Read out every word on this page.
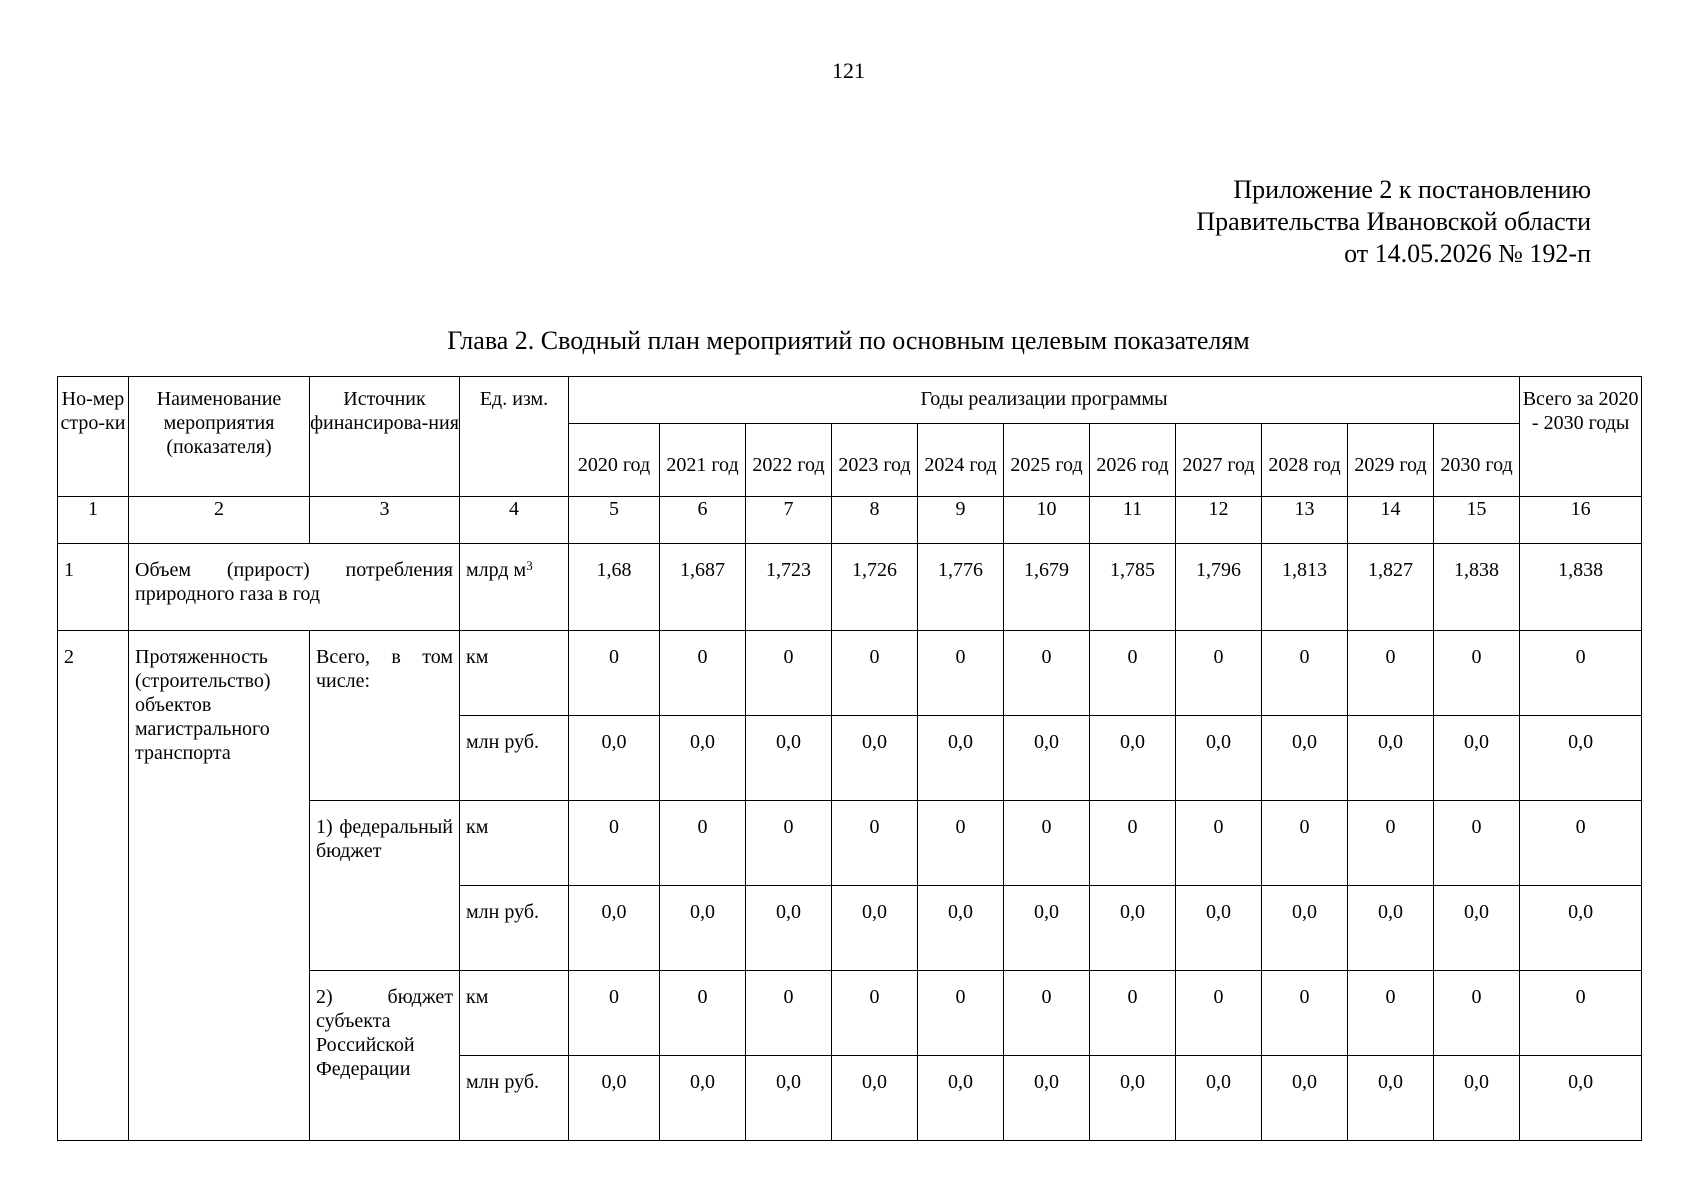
121
Приложение 2 к постановлению
Правительства Ивановской области
от 14.05.2026 № 192-п
Глава 2. Сводный план мероприятий по основным целевым показателям
Но-мер стро-ки	Наименование мероприятия (показателя)	Источник финансирова-ния	Ед. изм.	Годы реализации программы											Всего за 2020 - 2030 годы
				2020 год	2021 год	2022 год	2023 год	2024 год	2025 год	2026 год	2027 год	2028 год	2029 год	2030 год	
1	2	3	4	5	6	7	8	9	10	11	12	13	14	15	16
1	Объем (прирост) потребления природного газа в год		млрд $м^3$	1,68	1,687	1,723	1,726	1,776	1,679	1,785	1,796	1,813	1,827	1,838	1,838
2	Протяженность (строительство) объектов магистрального транспорта	Всего, в том числе:	км	0	0	0	0	0	0	0	0	0	0	0	0
			млн руб.	0,0	0,0	0,0	0,0	0,0	0,0	0,0	0,0	0,0	0,0	0,0	0,0
		1) федеральный бюджет	км	0	0	0	0	0	0	0	0	0	0	0	0
			млн руб.	0,0	0,0	0,0	0,0	0,0	0,0	0,0	0,0	0,0	0,0	0,0	0,0
		2) бюджет субъекта Российской Федерации	км	0	0	0	0	0	0	0	0	0	0	0	0
			млн руб.	0,0	0,0	0,0	0,0	0,0	0,0	0,0	0,0	0,0	0,0	0,0	0,0
